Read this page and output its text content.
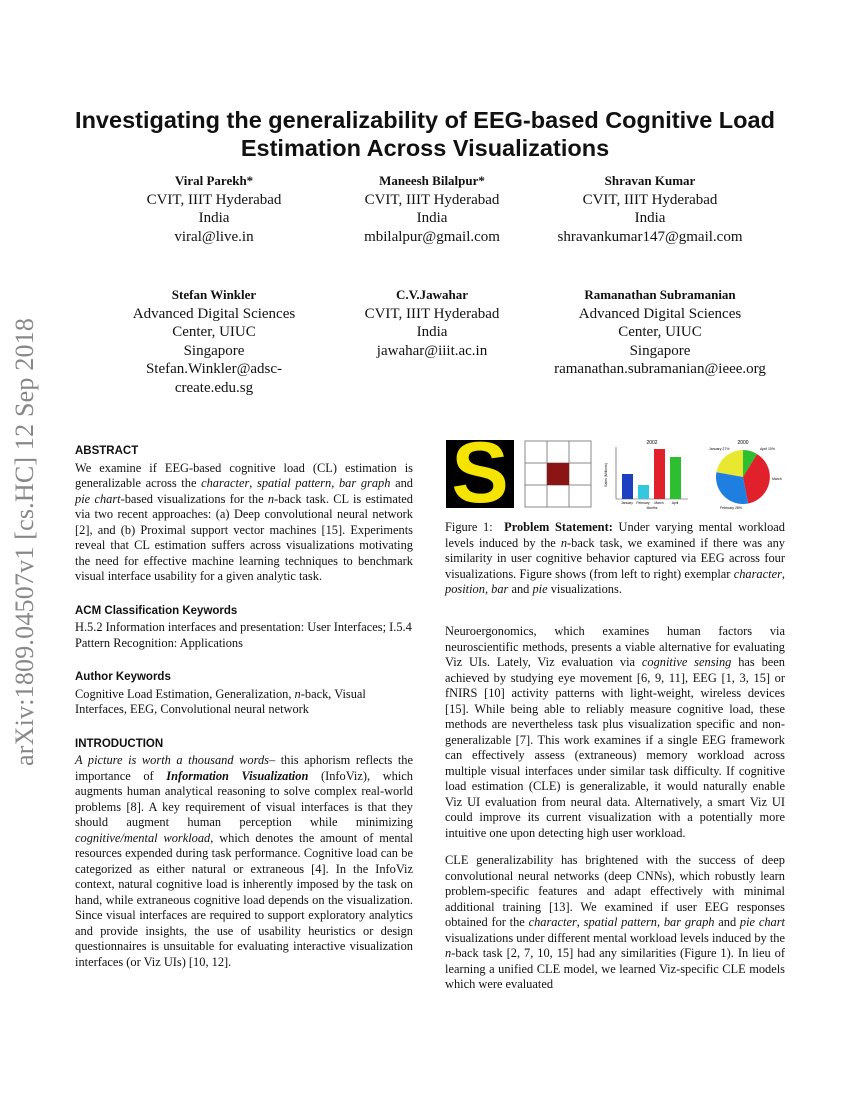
arXiv:1809.04507v1 [cs.HC] 12 Sep 2018
Investigating the generalizability of EEG-based Cognitive Load Estimation Across Visualizations
Viral Parekh*
CVIT, IIIT Hyderabad
India
viral@live.in
Maneesh Bilalpur*
CVIT, IIIT Hyderabad
India
mbilalpur@gmail.com
Shravan Kumar
CVIT, IIIT Hyderabad
India
shravankumar147@gmail.com
Stefan Winkler
Advanced Digital Sciences
Center, UIUC
Singapore
Stefan.Winkler@adsc-
create.edu.sg
C.V.Jawahar
CVIT, IIIT Hyderabad
India
jawahar@iiit.ac.in
Ramanathan Subramanian
Advanced Digital Sciences
Center, UIUC
Singapore
ramanathan.subramanian@ieee.org
ABSTRACT

We examine if EEG-based cognitive load (CL) estimation is generalizable across the character, spatial pattern, bar graph and pie chart-based visualizations for the n-back task. CL is estimated via two recent approaches: (a) Deep convolutional neural network [2], and (b) Proximal support vector machines [15]. Experiments reveal that CL estimation suffers across visualizations motivating the need for effective machine learning techniques to benchmark visual interface usability for a given analytic task.

ACM Classification Keywords

H.5.2 Information interfaces and presentation: User Interfaces; I.5.4 Pattern Recognition: Applications

Author Keywords

Cognitive Load Estimation, Generalization, n-back, Visual Interfaces, EEG, Convolutional neural network

INTRODUCTION

A picture is worth a thousand words– this aphorism reflects the importance of Information Visualization (InfoViz), which augments human analytical reasoning to solve complex real-world problems [8]. A key requirement of visual interfaces is that they should augment human perception while minimizing cognitive/mental workload, which denotes the amount of mental resources expended during task performance. Cognitive load can be categorized as either natural or extraneous [4]. In the InfoViz context, natural cognitive load is inherently imposed by the task on hand, while extraneous cognitive load depends on the visualization. Since visual interfaces are required to support exploratory analytics and provide insights, the use of usability heuristics or design questionnaires is unsuitable for evaluating interactive visualization interfaces (or Viz UIs) [10, 12].

S	2002
Sales (Millions)
January February March April
Months
2000
January 27%	April 10%
March
February 28%
Figure 1: Problem Statement: Under varying mental workload levels induced by the n-back task, we examined if there was any similarity in user cognitive behavior captured via EEG across four visualizations. Figure shows (from left to right) exemplar character, position, bar and pie visualizations.

Neuroergonomics, which examines human factors via neuroscientific methods, presents a viable alternative for evaluating Viz UIs. Lately, Viz evaluation via cognitive sensing has been achieved by studying eye movement [6, 9, 11], EEG [1, 3, 15] or fNIRS [10] activity patterns with light-weight, wireless devices [15]. While being able to reliably measure cognitive load, these methods are nevertheless task plus visualization specific and non-generalizable [7]. This work examines if a single EEG framework can effectively assess (extraneous) memory workload across multiple visual interfaces under similar task difficulty. If cognitive load estimation (CLE) is generalizable, it would naturally enable Viz UI evaluation from neural data. Alternatively, a smart Viz UI could improve its current visualization with a potentially more intuitive one upon detecting high user workload.

CLE generalizability has brightened with the success of deep convolutional neural networks (deep CNNs), which robustly learn problem-specific features and adapt effectively with minimal additional training [13]. We examined if user EEG responses obtained for the character, spatial pattern, bar graph and pie chart visualizations under different mental workload levels induced by the n-back task [2, 7, 10, 15] had any similarities (Figure 1). In lieu of learning a unified CLE model, we learned Viz-specific CLE models which were evaluated
